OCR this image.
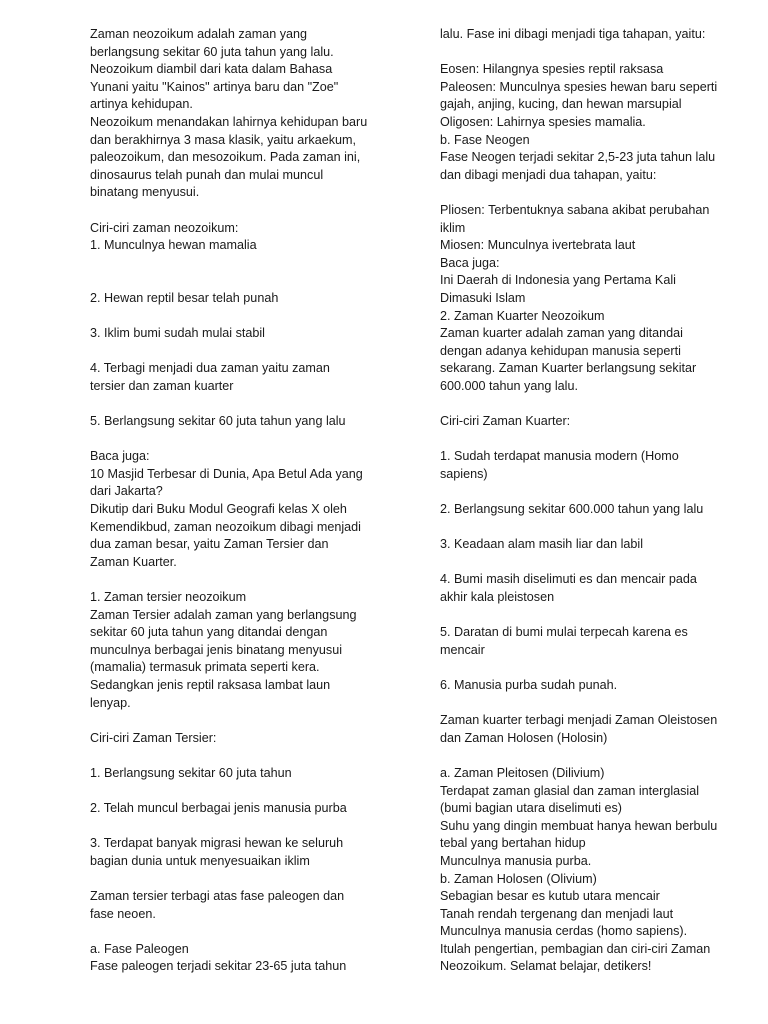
Zaman neozoikum adalah zaman yang
berlangsung sekitar 60 juta tahun yang lalu.
Neozoikum diambil dari kata dalam Bahasa
Yunani yaitu "Kainos" artinya baru dan "Zoe"
artinya kehidupan.
Neozoikum menandakan lahirnya kehidupan baru
dan berakhirnya 3 masa klasik, yaitu arkaekum,
paleozoikum, dan mesozoikum. Pada zaman ini,
dinosaurus telah punah dan mulai muncul
binatang menyusui.
Ciri-ciri zaman neozoikum:
1. Munculnya hewan mamalia
2. Hewan reptil besar telah punah
3. Iklim bumi sudah mulai stabil
4. Terbagi menjadi dua zaman yaitu zaman
tersier dan zaman kuarter
5. Berlangsung sekitar 60 juta tahun yang lalu
Baca juga:
10 Masjid Terbesar di Dunia, Apa Betul Ada yang
dari Jakarta?
Dikutip dari Buku Modul Geografi kelas X oleh
Kemendikbud, zaman neozoikum dibagi menjadi
dua zaman besar, yaitu Zaman Tersier dan
Zaman Kuarter.
1. Zaman tersier neozoikum
Zaman Tersier adalah zaman yang berlangsung
sekitar 60 juta tahun yang ditandai dengan
munculnya berbagai jenis binatang menyusui
(mamalia) termasuk primata seperti kera.
Sedangkan jenis reptil raksasa lambat laun
lenyap.
Ciri-ciri Zaman Tersier:
1. Berlangsung sekitar 60 juta tahun
2. Telah muncul berbagai jenis manusia purba
3. Terdapat banyak migrasi hewan ke seluruh
bagian dunia untuk menyesuaikan iklim
Zaman tersier terbagi atas fase paleogen dan
fase neoen.
a. Fase Paleogen
Fase paleogen terjadi sekitar 23-65 juta tahun
lalu. Fase ini dibagi menjadi tiga tahapan, yaitu:
Eosen: Hilangnya spesies reptil raksasa
Paleosen: Munculnya spesies hewan baru seperti
gajah, anjing, kucing, dan hewan marsupial
Oligosen: Lahirnya spesies mamalia.
b. Fase Neogen
Fase Neogen terjadi sekitar 2,5-23 juta tahun lalu
dan dibagi menjadi dua tahapan, yaitu:
Pliosen: Terbentuknya sabana akibat perubahan
iklim
Miosen: Munculnya ivertebrata laut
Baca juga:
Ini Daerah di Indonesia yang Pertama Kali
Dimasuki Islam
2. Zaman Kuarter Neozoikum
Zaman kuarter adalah zaman yang ditandai
dengan adanya kehidupan manusia seperti
sekarang. Zaman Kuarter berlangsung sekitar
600.000 tahun yang lalu.
Ciri-ciri Zaman Kuarter:
1. Sudah terdapat manusia modern (Homo
sapiens)
2. Berlangsung sekitar 600.000 tahun yang lalu
3. Keadaan alam masih liar dan labil
4. Bumi masih diselimuti es dan mencair pada
akhir kala pleistosen
5. Daratan di bumi mulai terpecah karena es
mencair
6. Manusia purba sudah punah.
Zaman kuarter terbagi menjadi Zaman Oleistosen
dan Zaman Holosen (Holosin)
a. Zaman Pleitosen (Dilivium)
Terdapat zaman glasial dan zaman interglasial
(bumi bagian utara diselimuti es)
Suhu yang dingin membuat hanya hewan berbulu
tebal yang bertahan hidup
Munculnya manusia purba.
b. Zaman Holosen (Olivium)
Sebagian besar es kutub utara mencair
Tanah rendah tergenang dan menjadi laut
Munculnya manusia cerdas (homo sapiens).
Itulah pengertian, pembagian dan ciri-ciri Zaman
Neozoikum. Selamat belajar, detikers!
